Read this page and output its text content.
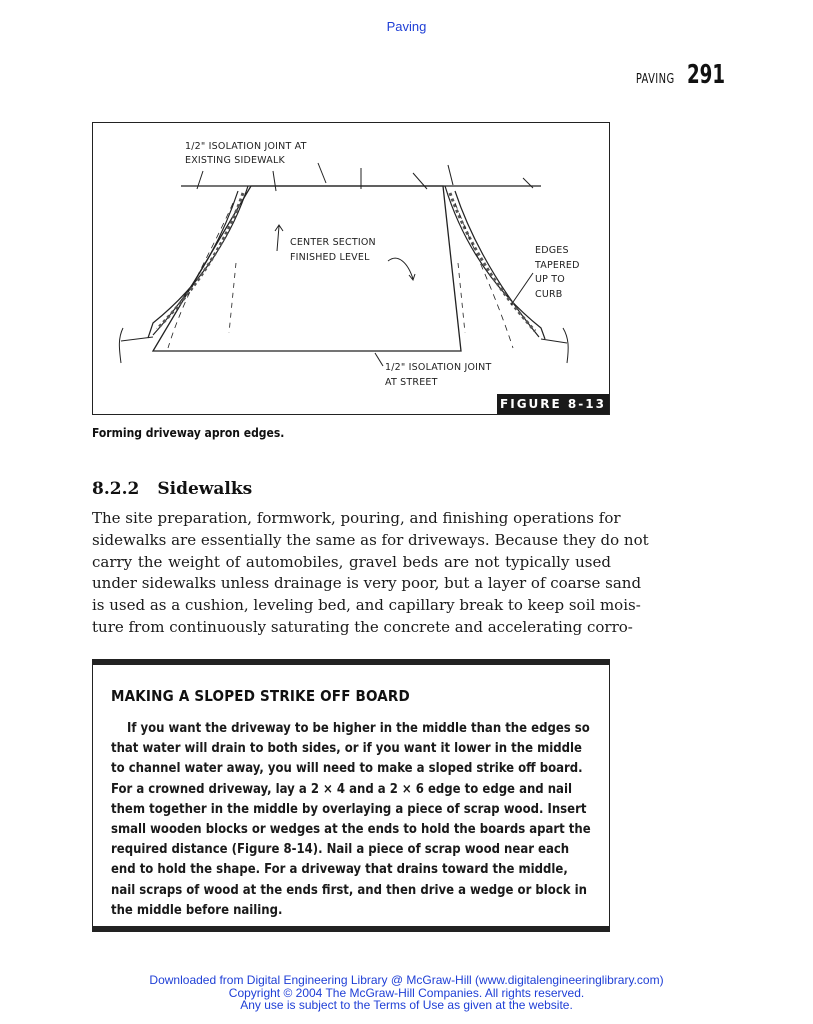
Paving
PAVING 291
1/2" ISOLATION JOINT AT
EXISTING SIDEWALK
CENTER SECTION
FINISHED LEVEL
EDGES
TAPERED
UP TO
CURB
1/2" ISOLATION JOINT
AT STREET
FIGURE 8-13
Forming driveway apron edges.
8.2.2 Sidewalks
The site preparation, formwork, pouring, and finishing operations for
sidewalks are essentially the same as for driveways. Because they do not
carry the weight of automobiles, gravel beds are not typically used
under sidewalks unless drainage is very poor, but a layer of coarse sand
is used as a cushion, leveling bed, and capillary break to keep soil mois-
ture from continuously saturating the concrete and accelerating corro-
MAKING A SLOPED STRIKE OFF BOARD
If you want the driveway to be higher in the middle than the edges so
that water will drain to both sides, or if you want it lower in the middle
to channel water away, you will need to make a sloped strike off board.
For a crowned driveway, lay a 2 × 4 and a 2 × 6 edge to edge and nail
them together in the middle by overlaying a piece of scrap wood. Insert
small wooden blocks or wedges at the ends to hold the boards apart the
required distance (Figure 8-14). Nail a piece of scrap wood near each
end to hold the shape. For a driveway that drains toward the middle,
nail scraps of wood at the ends first, and then drive a wedge or block in
the middle before nailing.
Downloaded from Digital Engineering Library @ McGraw-Hill (www.digitalengineeringlibrary.com)
Copyright © 2004 The McGraw-Hill Companies. All rights reserved.
Any use is subject to the Terms of Use as given at the website.
